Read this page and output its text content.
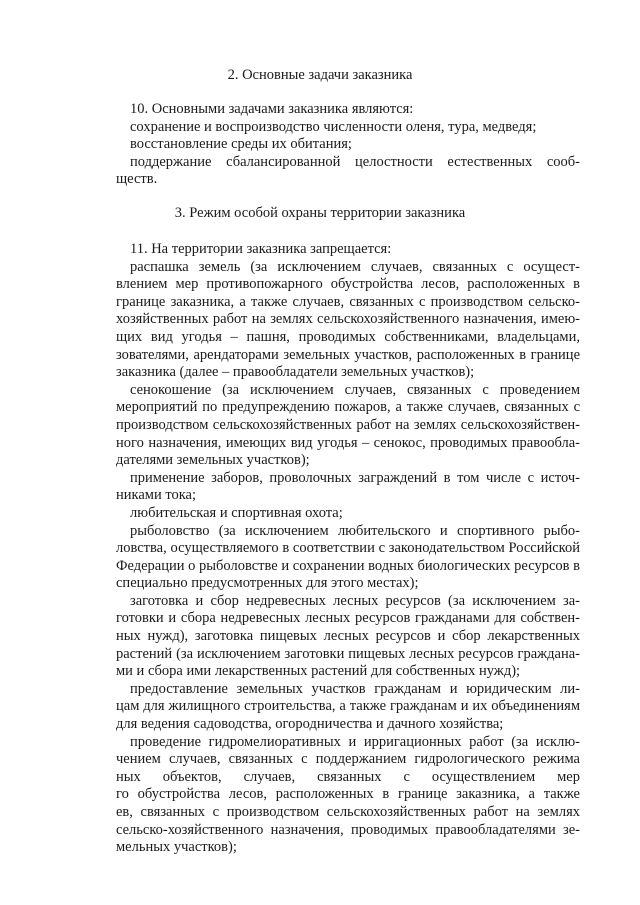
2. Основные задачи заказника
10. Основными задачами заказника являются:
сохранение и воспроизводство численности оленя, тура, медведя;
восстановление среды их обитания;
поддержание сбалансированной целостности естественных сооб-
ществ.
3. Режим особой охраны территории заказника
11. На территории заказника запрещается:
распашка земель (за исключением случаев, связанных с осущест-
влением мер противопожарного обустройства лесов, расположенных в
границе заказника, а также случаев, связанных с производством сельско-
хозяйственных работ на землях сельскохозяйственного назначения, имею-
щих вид угодья – пашня, проводимых собственниками, владельцами,
зователями, арендаторами земельных участков, расположенных в границе
заказника (далее – правообладатели земельных участков);
сенокошение (за исключением случаев, связанных с проведением
мероприятий по предупреждению пожаров, а также случаев, связанных с
производством сельскохозяйственных работ на землях сельскохозяйствен-
ного назначения, имеющих вид угодья – сенокос, проводимых правообла-
дателями земельных участков);
применение заборов, проволочных заграждений в том числе с источ-
никами тока;
любительская и спортивная охота;
рыболовство (за исключением любительского и спортивного рыбо-
ловства, осуществляемого в соответствии с законодательством Российской
Федерации о рыболовстве и сохранении водных биологических ресурсов в
специально предусмотренных для этого местах);
заготовка и сбор недревесных лесных ресурсов (за исключением за-
готовки и сбора недревесных лесных ресурсов гражданами для собствен-
ных нужд), заготовка пищевых лесных ресурсов и сбор лекарственных
растений (за исключением заготовки пищевых лесных ресурсов граждана-
ми и сбора ими лекарственных растений для собственных нужд);
предоставление земельных участков гражданам и юридическим ли-
цам для жилищного строительства, а также гражданам и их объединениям
для ведения садоводства, огородничества и дачного хозяйства;
проведение гидромелиоративных и ирригационных работ (за исклю-
чением случаев, связанных с поддержанием гидрологического режима
ных объектов, случаев, связанных с осуществлением мер
го обустройства лесов, расположенных в границе заказника, а также
ев, связанных с производством сельскохозяйственных работ на землях
сельско-хозяйственного назначения, проводимых правообладателями зе-
мельных участков);
